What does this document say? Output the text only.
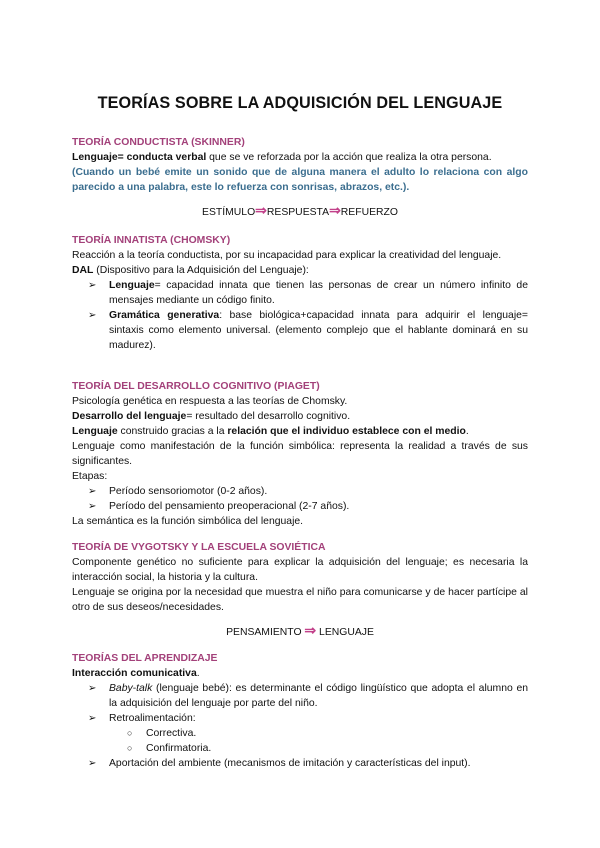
TEORÍAS SOBRE LA ADQUISICIÓN DEL LENGUAJE

TEORÍA CONDUCTISTA (SKINNER)

Lenguaje= conducta verbal que se ve reforzada por la acción que realiza la otra persona.

(Cuando un bebé emite un sonido que de alguna manera el adulto lo relaciona con algo parecido a una palabra, este lo refuerza con sonrisas, abrazos, etc.).

ESTÍMULO⇒RESPUESTA⇒REFUERZO

TEORÍA INNATISTA (CHOMSKY)

Reacción a la teoría conductista, por su incapacidad para explicar la creatividad del lenguaje.

DAL (Dispositivo para la Adquisición del Lenguaje):

➢ Lenguaje= capacidad innata que tienen las personas de crear un número infinito de mensajes mediante un código finito.
➢ Gramática generativa: base biológica+capacidad innata para adquirir el lenguaje= sintaxis como elemento universal. (elemento complejo que el hablante dominará en su madurez).

TEORÍA DEL DESARROLLO COGNITIVO (PIAGET)

Psicología genética en respuesta a las teorías de Chomsky.

Desarrollo del lenguaje= resultado del desarrollo cognitivo.

Lenguaje construido gracias a la relación que el individuo establece con el medio.

Lenguaje como manifestación de la función simbólica: representa la realidad a través de sus significantes.

Etapas:

➢ Período sensoriomotor (0-2 años).
➢ Período del pensamiento preoperacional (2-7 años).

La semántica es la función simbólica del lenguaje.

TEORÍA DE VYGOTSKY Y LA ESCUELA SOVIÉTICA

Componente genético no suficiente para explicar la adquisición del lenguaje; es necesaria la interacción social, la historia y la cultura.

Lenguaje se origina por la necesidad que muestra el niño para comunicarse y de hacer partícipe al otro de sus deseos/necesidades.

PENSAMIENTO ⇒ LENGUAJE

TEORÍAS DEL APRENDIZAJE

Interacción comunicativa.

➢ Baby-talk (lenguaje bebé): es determinante el código lingüístico que adopta el alumno en la adquisición del lenguaje por parte del niño.
➢ Retroalimentación:
○ Correctiva.
○ Confirmatoria.
➢ Aportación del ambiente (mecanismos de imitación y características del input).
